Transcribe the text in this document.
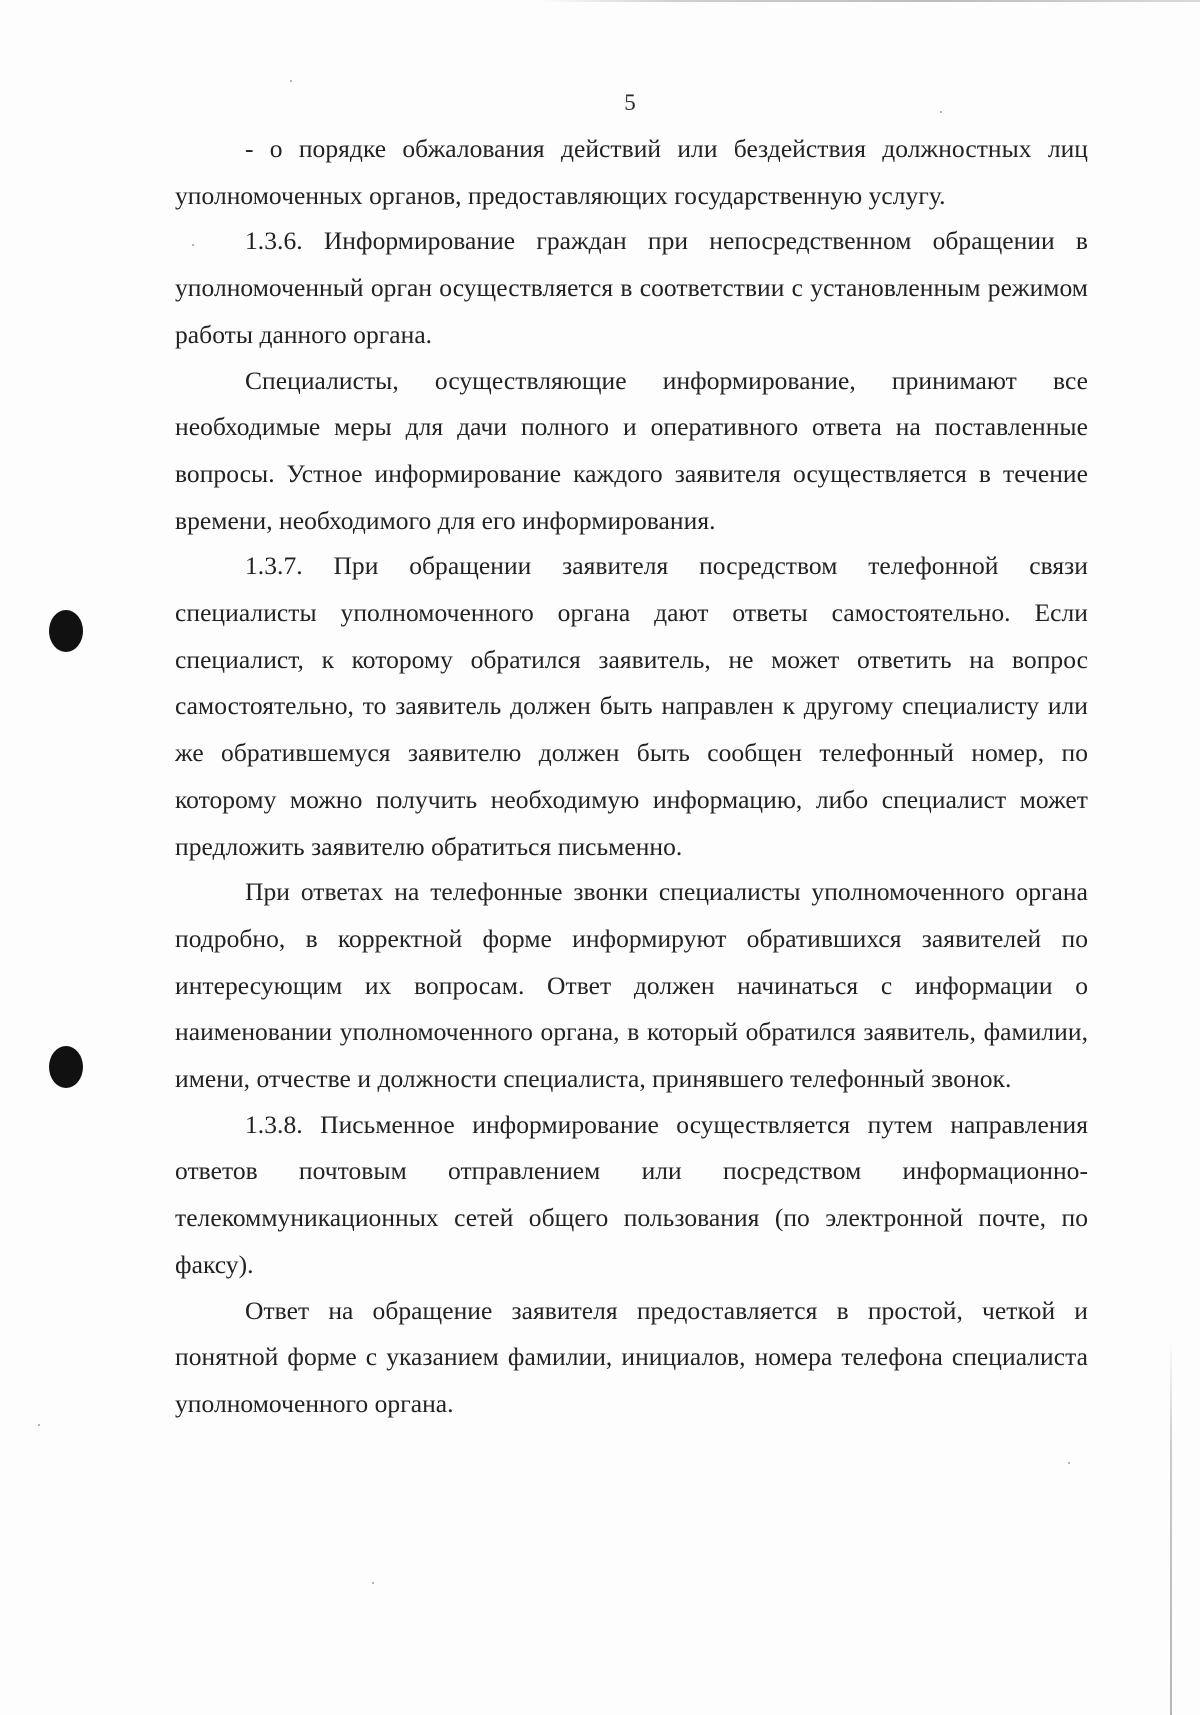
5

- о порядке обжалования действий или бездействия должностных лиц уполномоченных органов, предоставляющих государственную услугу.

1.3.6. Информирование граждан при непосредственном обращении в уполномоченный орган осуществляется в соответствии с установленным режимом работы данного органа.

Специалисты, осуществляющие информирование, принимают все необходимые меры для дачи полного и оперативного ответа на поставленные вопросы. Устное информирование каждого заявителя осуществляется в течение времени, необходимого для его информирования.

1.3.7. При обращении заявителя посредством телефонной связи специалисты уполномоченного органа дают ответы самостоятельно. Если специалист, к которому обратился заявитель, не может ответить на вопрос самостоятельно, то заявитель должен быть направлен к другому специалисту или же обратившемуся заявителю должен быть сообщен телефонный номер, по которому можно получить необходимую информацию, либо специалист может предложить заявителю обратиться письменно.

При ответах на телефонные звонки специалисты уполномоченного органа подробно, в корректной форме информируют обратившихся заявителей по интересующим их вопросам. Ответ должен начинаться с информации о наименовании уполномоченного органа, в который обратился заявитель, фамилии, имени, отчестве и должности специалиста, принявшего телефонный звонок.

1.3.8. Письменное информирование осуществляется путем направления ответов почтовым отправлением или посредством информационно-телекоммуникационных сетей общего пользования (по электронной почте, по факсу).

Ответ на обращение заявителя предоставляется в простой, четкой и понятной форме с указанием фамилии, инициалов, номера телефона специалиста уполномоченного органа.
